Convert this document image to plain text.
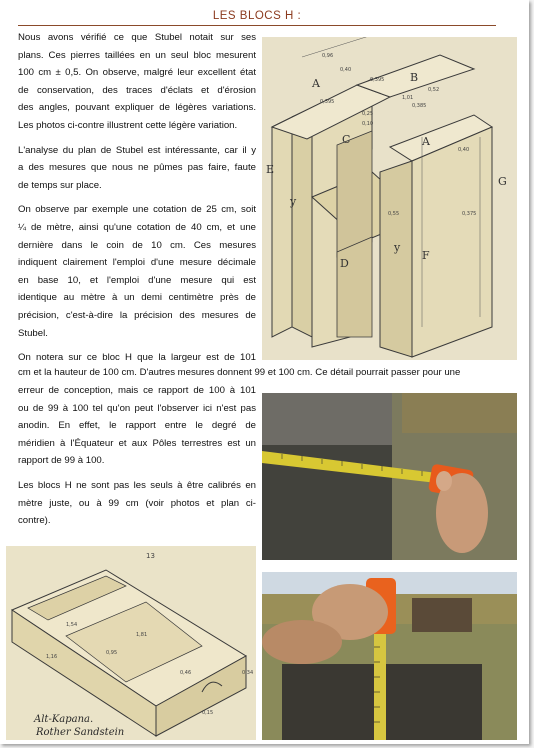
LES BLOCS H :
Nous avons vérifié ce que Stubel notait sur ses
plans. Ces pierres taillées en un seul bloc mesurent
100 cm ± 0,5. On observe, malgré leur excellent état
de conservation, des traces d'éclats et d'érosion
des angles, pouvant expliquer de légères variations.
Les photos ci-contre illustrent cette légère variation.
L'analyse du plan de Stubel est intéressante, car il y
a des mesures que nous ne pûmes pas faire, faute
de temps sur place.
On observe par exemple une cotation de 25 cm, soit
¼ de mètre, ainsi qu'une cotation de 40 cm, et une
dernière dans le coin de 10 cm. Ces mesures
indiquent clairement l'emploi d'une mesure décimale
en base 10, et l'emploi d'une mesure qui est
identique au mètre à un demi centimètre près de
précision, c'est-à-dire la précision des mesures de
Stubel.
On notera sur ce bloc H que la largeur est de 101
cm et la hauteur de 100 cm. D'autres mesures donnent 99 et 100 cm. Ce détail pourrait passer pour une
erreur de conception, mais ce rapport de 100 à 101
ou de 99 à 100 tel qu'on peut l'observer ici n'est pas
anodin. En effet, le rapport entre le degré de
méridien à l'Équateur et aux Pôles terrestres est un
rapport de 99 à 100.
Les blocs H ne sont pas les seuls à être calibrés en
mètre juste, ou à 99 cm (voir photos et plan ci-
contre).
A	B
C	A
E
G
y
y
D
F
0,96
0,40
0,395
0,25
0,385
1,01
0,10
0,52
0,40
0,375
0,55
0,395
13
1,54
1,81
0,95
0,46
1,16
0,34
0,15
Alt-Kapana.
Rother Sandstein
